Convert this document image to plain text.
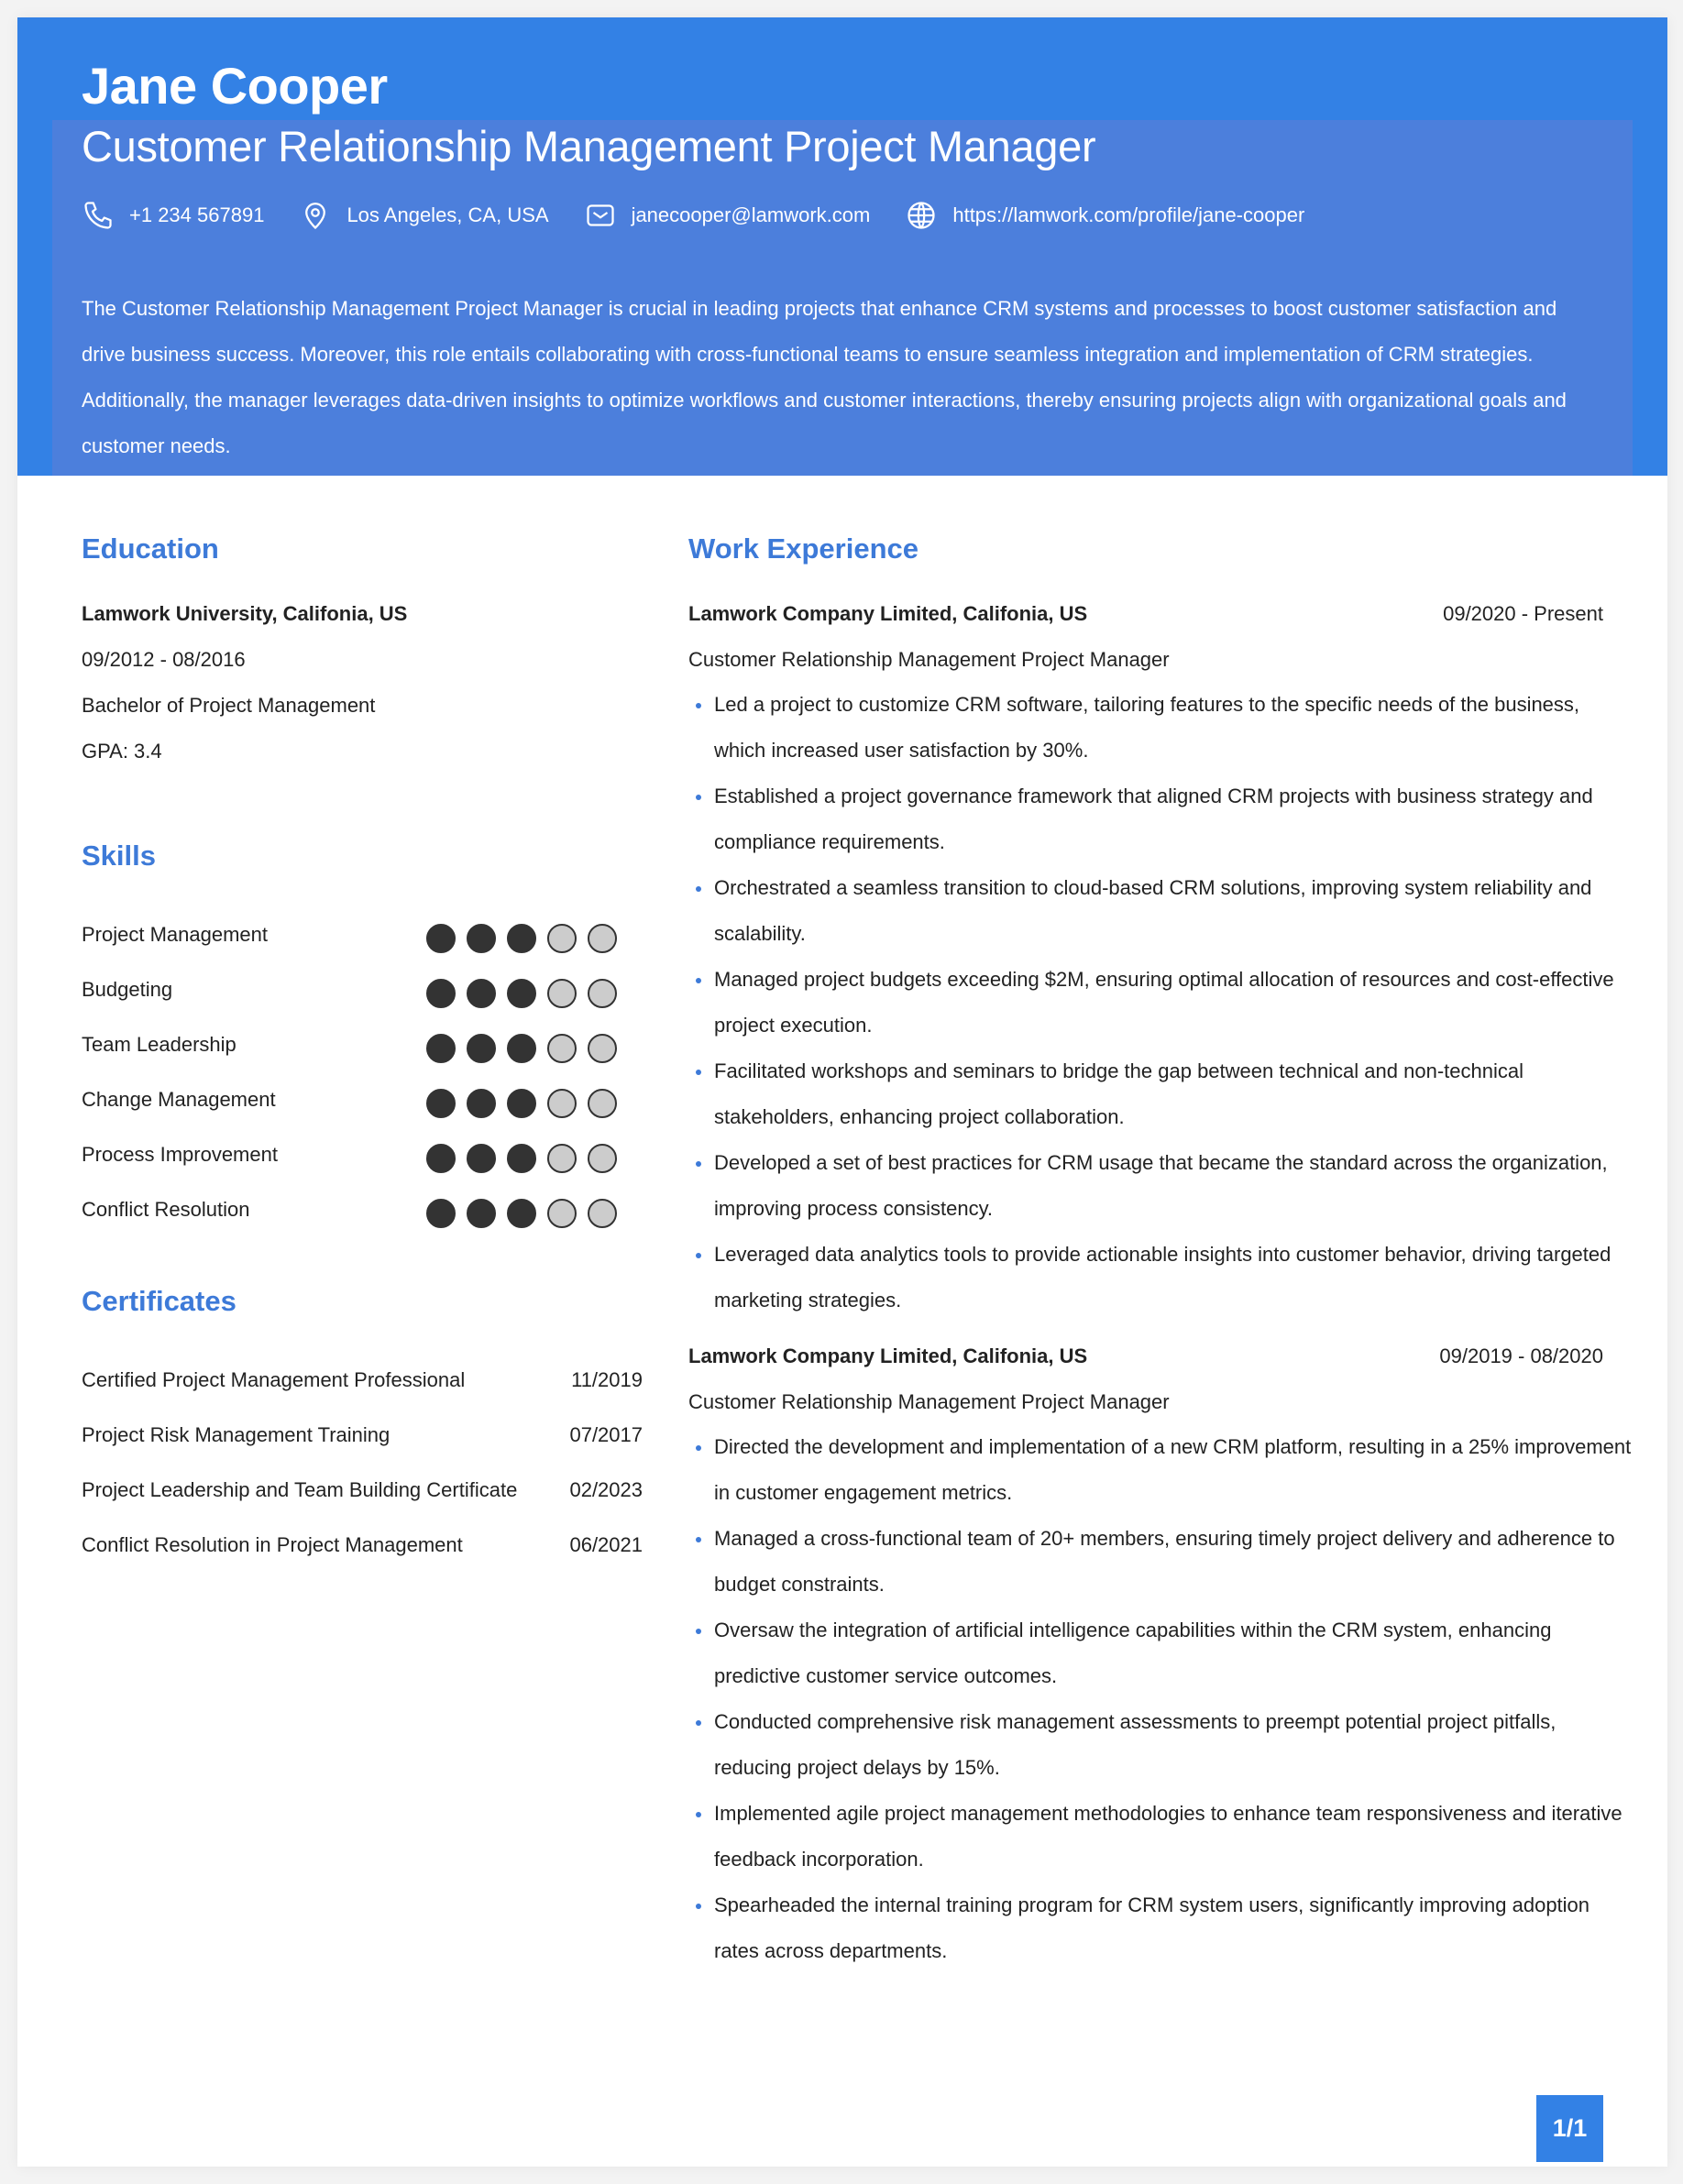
Jane Cooper
Customer Relationship Management Project Manager
+1 234 567891	Los Angeles, CA, USA	janecooper@lamwork.com	https://lamwork.com/profile/jane-cooper

The Customer Relationship Management Project Manager is crucial in leading projects that enhance CRM systems and processes to boost customer satisfaction and drive business success. Moreover, this role entails collaborating with cross-functional teams to ensure seamless integration and implementation of CRM strategies. Additionally, the manager leverages data-driven insights to optimize workflows and customer interactions, thereby ensuring projects align with organizational goals and customer needs.

Education
Lamwork University, Califonia, US
09/2012 - 08/2016
Bachelor of Project Management
GPA: 3.4
Skills
Project Management
Budgeting
Team Leadership
Change Management
Process Improvement
Conflict Resolution
Certificates
Certified Project Management Professional	11/2019
Project Risk Management Training	07/2017
Project Leadership and Team Building Certificate	02/2023
Conflict Resolution in Project Management	06/2021
Work Experience
Lamwork Company Limited, Califonia, US	09/2020 - Present
Customer Relationship Management Project Manager
Led a project to customize CRM software, tailoring features to the specific needs of the business, which increased user satisfaction by 30%.
Established a project governance framework that aligned CRM projects with business strategy and compliance requirements.
Orchestrated a seamless transition to cloud-based CRM solutions, improving system reliability and scalability.
Managed project budgets exceeding $2M, ensuring optimal allocation of resources and cost-effective project execution.
Facilitated workshops and seminars to bridge the gap between technical and non-technical stakeholders, enhancing project collaboration.
Developed a set of best practices for CRM usage that became the standard across the organization, improving process consistency.
Leveraged data analytics tools to provide actionable insights into customer behavior, driving targeted marketing strategies.
Lamwork Company Limited, Califonia, US	09/2019 - 08/2020
Customer Relationship Management Project Manager
Directed the development and implementation of a new CRM platform, resulting in a 25% improvement in customer engagement metrics.
Managed a cross-functional team of 20+ members, ensuring timely project delivery and adherence to budget constraints.
Oversaw the integration of artificial intelligence capabilities within the CRM system, enhancing predictive customer service outcomes.
Conducted comprehensive risk management assessments to preempt potential project pitfalls, reducing project delays by 15%.
Implemented agile project management methodologies to enhance team responsiveness and iterative feedback incorporation.
Spearheaded the internal training program for CRM system users, significantly improving adoption rates across departments.
1/1
